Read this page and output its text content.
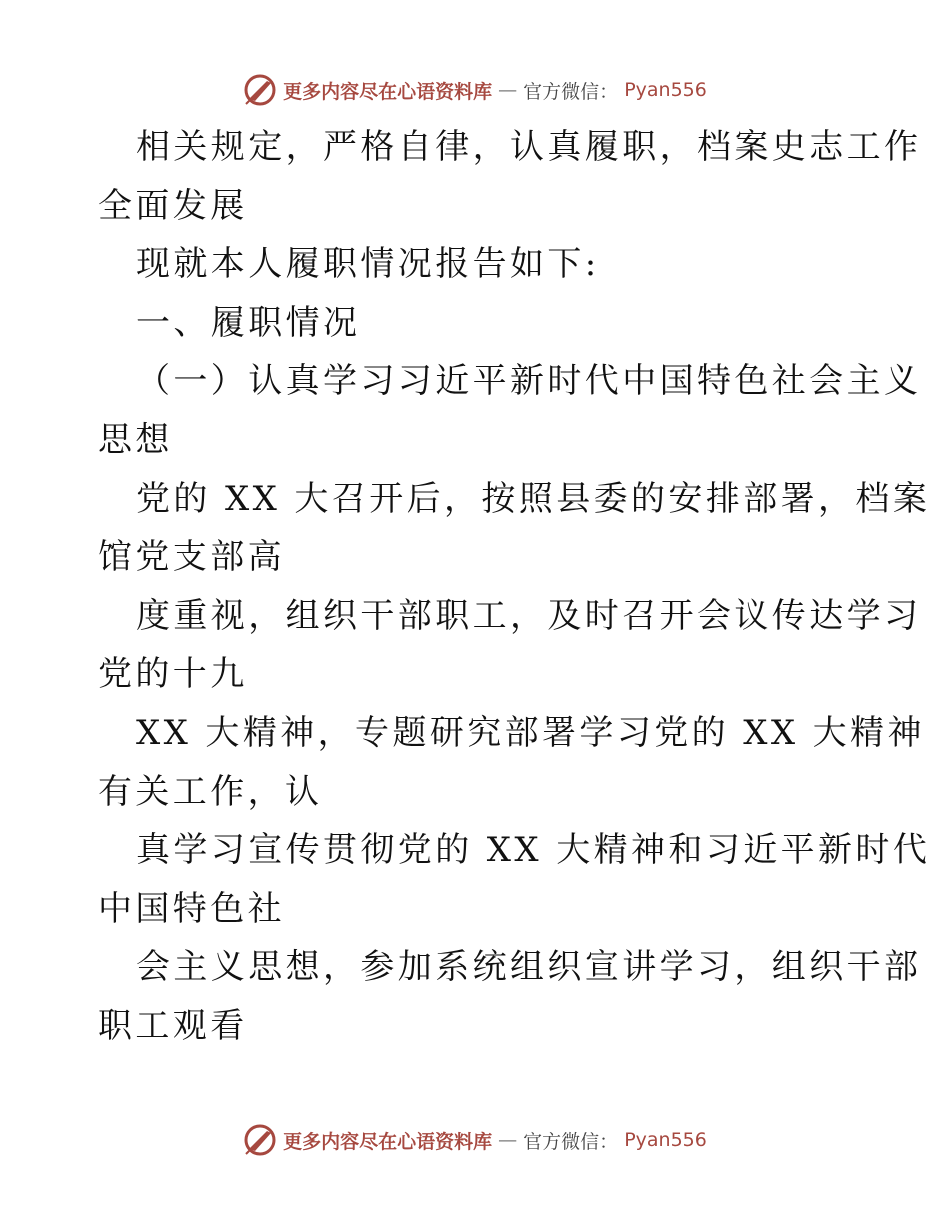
更多内容尽在心语资料库 — 官方微信： Pyan556
相关规定，严格自律，认真履职，档案史志工作
全面发展
现就本人履职情况报告如下:
一、履职情况
（一）认真学习习近平新时代中国特色社会主义
思想
党的 XX 大召开后，按照县委的安排部署，档案
馆党支部高
度重视，组织干部职工，及时召开会议传达学习
党的十九
XX 大精神，专题研究部署学习党的 XX 大精神
有关工作，认
真学习宣传贯彻党的 XX 大精神和习近平新时代
中国特色社
会主义思想，参加系统组织宣讲学习，组织干部
职工观看
更多内容尽在心语资料库 — 官方微信： Pyan556
